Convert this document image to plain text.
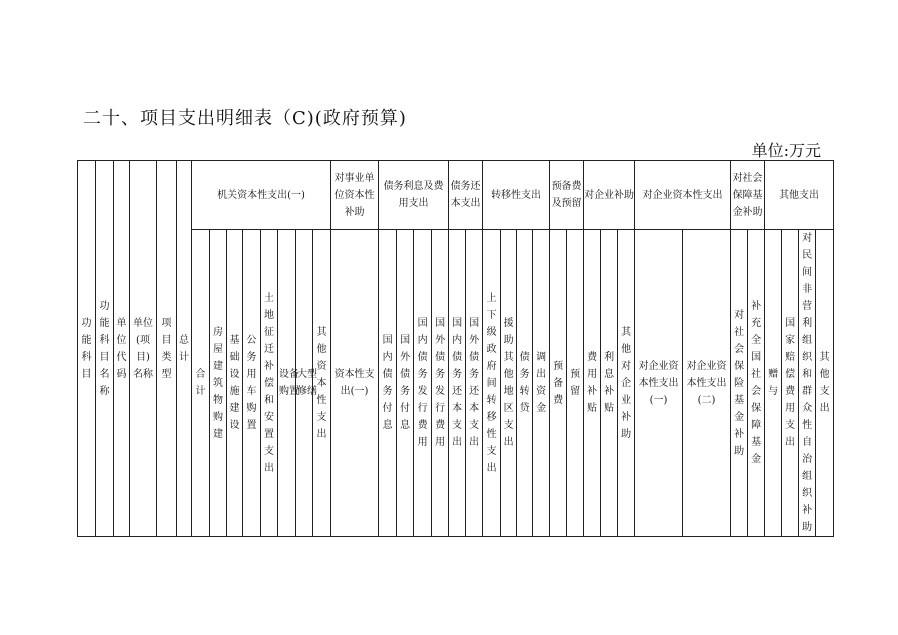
二十、项目支出明细表（C)(政府预算)
单位:万元
功能科目	功能科目名称	单位代码	单位(项目)名称	项目类型	总计	机关资本性支出(一)								对事业单位资本性补助	债务利息及费用支出				债务还本支出		转移性支出				预备费及预留		对企业补助			对企业资本性支出		对社会保障基金补助		其他支出			
						合计	房屋建筑物购建	基础设施建设	公务用车购置	土地征迁补偿和安置支出	设备购置	大型修缮	其他资本性支出	资本性支出(一)	国内债务付息	国外债务付息	国内债务发行费用	国外债务发行费用	国内债务还本支出	国外债务还本支出	上下级政府间转移性支出	援助其他地区支出	债务转贷	调出资金	预备费	预留	费用补贴	利息补贴	其他对企业补助	对企业资本性支出(一)	对企业资本性支出(二)	对社会保险基金补助	补充全国社会保障基金	赠与	国家赔偿费用支出	对民间非营利组织和群众性自治组织补助	其他支出
